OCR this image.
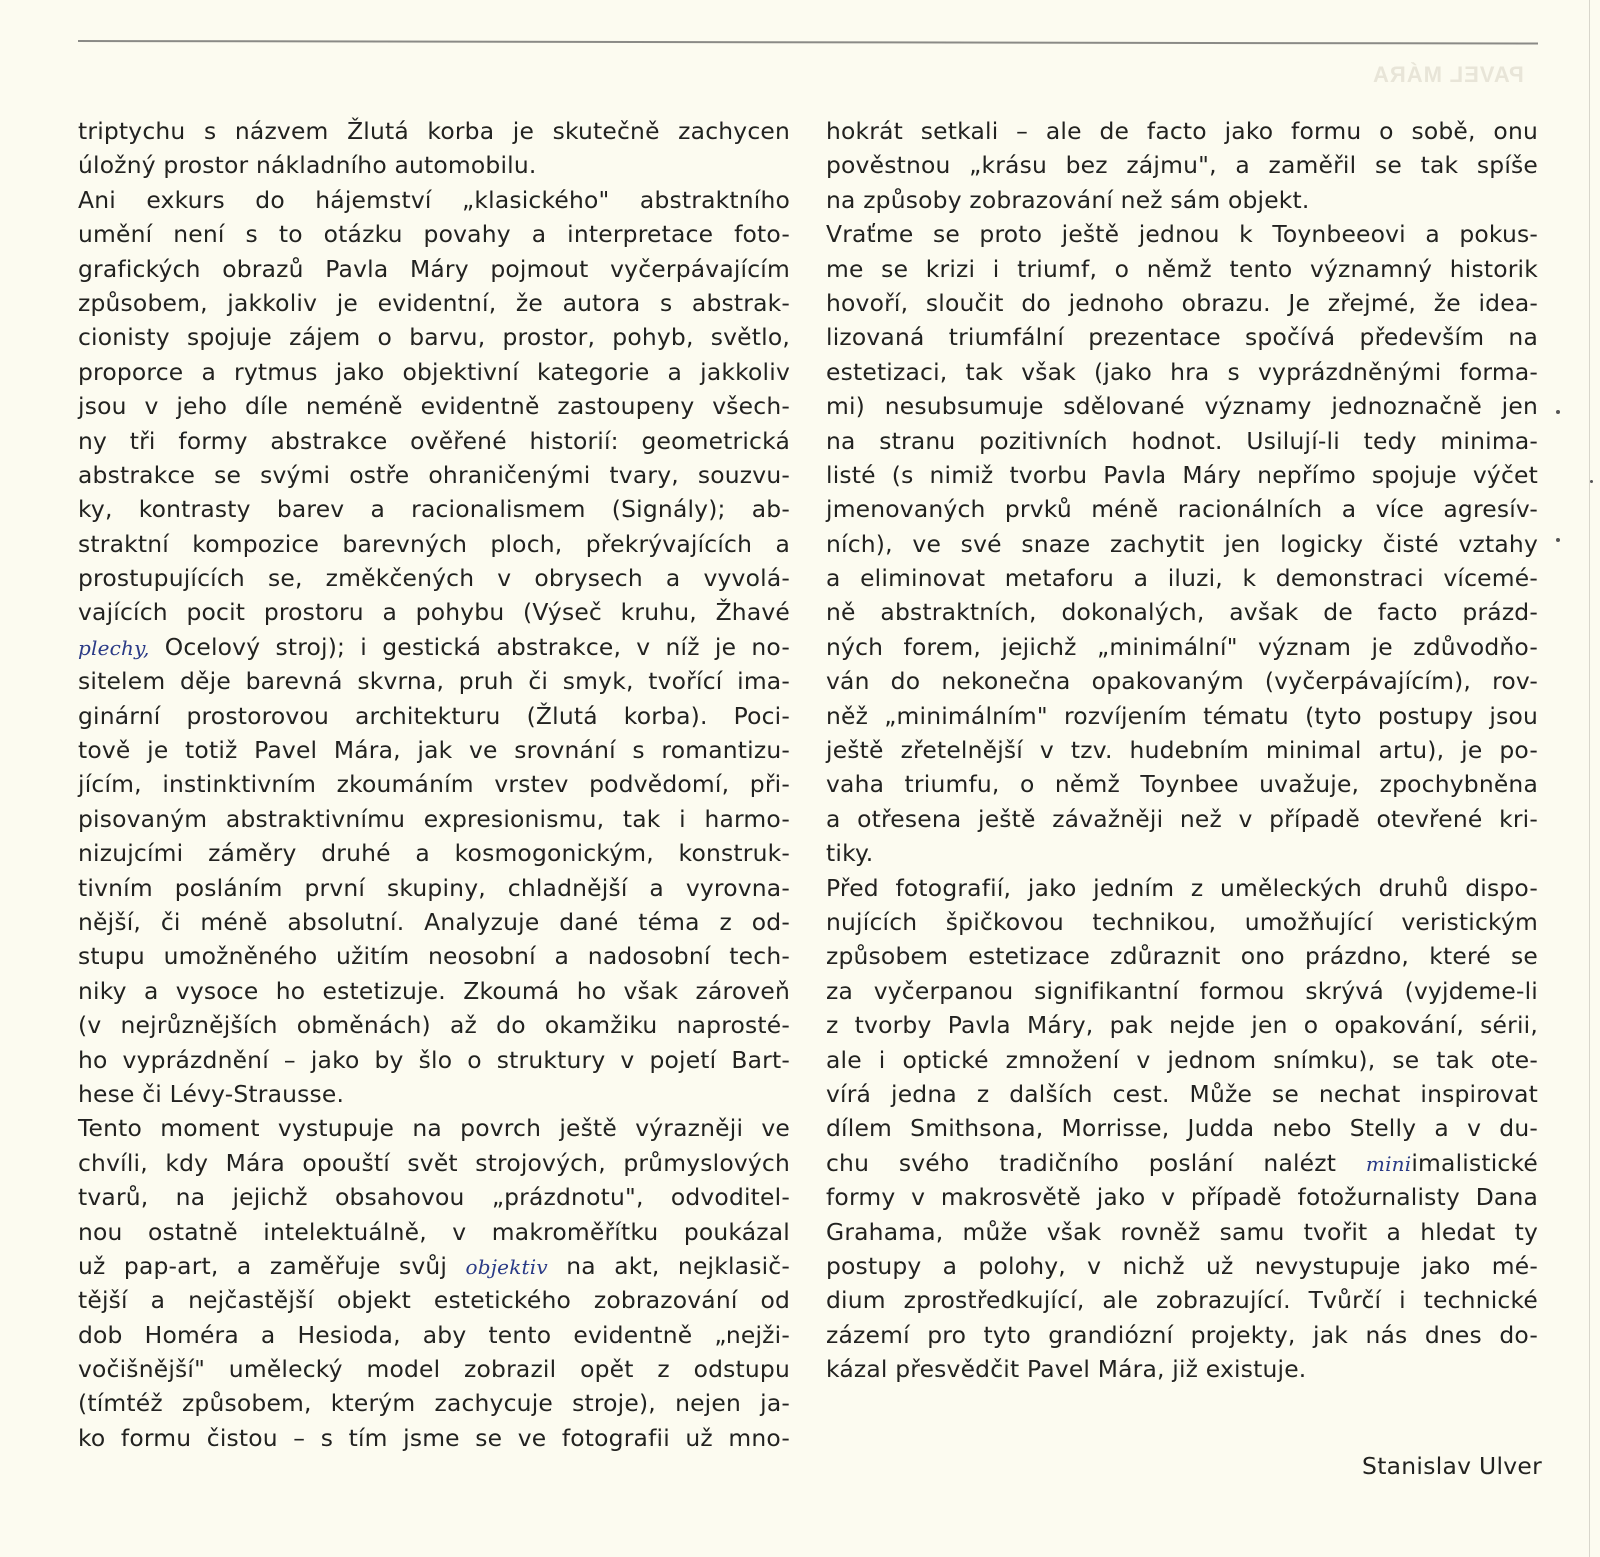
PAVEL MÁRA
triptychu s názvem Žlutá korba je skutečně zachycen
úložný prostor nákladního automobilu.
Ani exkurs do hájemství „klasického" abstraktního
umění není s to otázku povahy a interpretace foto-
grafických obrazů Pavla Máry pojmout vyčerpávajícím
způsobem, jakkoliv je evidentní, že autora s abstrak-
cionisty spojuje zájem o barvu, prostor, pohyb, světlo,
proporce a rytmus jako objektivní kategorie a jakkoliv
jsou v jeho díle neméně evidentně zastoupeny všech-
ny tři formy abstrakce ověřené historií: geometrická
abstrakce se svými ostře ohraničenými tvary, souzvu-
ky, kontrasty barev a racionalismem (Signály); ab-
straktní kompozice barevných ploch, překrývajících a
prostupujících se, změkčených v obrysech a vyvolá-
vajících pocit prostoru a pohybu (Výseč kruhu, Žhavé
plechy, Ocelový stroj); i gestická abstrakce, v níž je no-
sitelem děje barevná skvrna, pruh či smyk, tvořící ima-
ginární prostorovou architekturu (Žlutá korba). Poci-
tově je totiž Pavel Mára, jak ve srovnání s romantizu-
jícím, instinktivním zkoumáním vrstev podvědomí, při-
pisovaným abstraktivnímu expresionismu, tak i harmo-
nizujcími záměry druhé a kosmogonickým, konstruk-
tivním posláním první skupiny, chladnější a vyrovna-
nější, či méně absolutní. Analyzuje dané téma z od-
stupu umožněného užitím neosobní a nadosobní tech-
niky a vysoce ho estetizuje. Zkoumá ho však zároveň
(v nejrůznějších obměnách) až do okamžiku naprosté-
ho vyprázdnění – jako by šlo o struktury v pojetí Bart-
hese či Lévy-Strausse.
Tento moment vystupuje na povrch ještě výrazněji ve
chvíli, kdy Mára opouští svět strojových, průmyslových
tvarů, na jejichž obsahovou „prázdnotu", odvoditel-
nou ostatně intelektuálně, v makroměřítku poukázal
už pap-art, a zaměřuje svůj objektiv na akt, nejklasič-
tější a nejčastější objekt estetického zobrazování od
dob Homéra a Hesioda, aby tento evidentně „nejži-
vočišnější" umělecký model zobrazil opět z odstupu
(tímtéž způsobem, kterým zachycuje stroje), nejen ja-
ko formu čistou – s tím jsme se ve fotografii už mno-
hokrát setkali – ale de facto jako formu o sobě, onu
pověstnou „krásu bez zájmu", a zaměřil se tak spíše
na způsoby zobrazování než sám objekt.
Vraťme se proto ještě jednou k Toynbeeovi a pokus-
me se krizi i triumf, o němž tento významný historik
hovoří, sloučit do jednoho obrazu. Je zřejmé, že idea-
lizovaná triumfální prezentace spočívá především na
estetizaci, tak však (jako hra s vyprázdněnými forma-
mi) nesubsumuje sdělované významy jednoznačně jen
na stranu pozitivních hodnot. Usilují-li tedy minima-
listé (s nimiž tvorbu Pavla Máry nepřímo spojuje výčet
jmenovaných prvků méně racionálních a více agresív-
ních), ve své snaze zachytit jen logicky čisté vztahy
a eliminovat metaforu a iluzi, k demonstraci vícemé-
ně abstraktních, dokonalých, avšak de facto prázd-
ných forem, jejichž „minimální" význam je zdůvodňo-
ván do nekonečna opakovaným (vyčerpávajícím), rov-
něž „minimálním" rozvíjením tématu (tyto postupy jsou
ještě zřetelnější v tzv. hudebním minimal artu), je po-
vaha triumfu, o němž Toynbee uvažuje, zpochybněna
a otřesena ještě závažněji než v případě otevřené kri-
tiky.
Před fotografií, jako jedním z uměleckých druhů dispo-
nujících špičkovou technikou, umožňující veristickým
způsobem estetizace zdůraznit ono prázdno, které se
za vyčerpanou signifikantní formou skrývá (vyjdeme-li
z tvorby Pavla Máry, pak nejde jen o opakování, sérii,
ale i optické zmnožení v jednom snímku), se tak ote-
vírá jedna z dalších cest. Může se nechat inspirovat
dílem Smithsona, Morrisse, Judda nebo Stelly a v du-
chu svého tradičního poslání nalézt miniimalistické
formy v makrosvětě jako v případě fotožurnalisty Dana
Grahama, může však rovněž samu tvořit a hledat ty
postupy a polohy, v nichž už nevystupuje jako mé-
dium zprostředkující, ale zobrazující. Tvůrčí i technické
zázemí pro tyto grandiózní projekty, jak nás dnes do-
kázal přesvědčit Pavel Mára, již existuje.
Stanislav Ulver
